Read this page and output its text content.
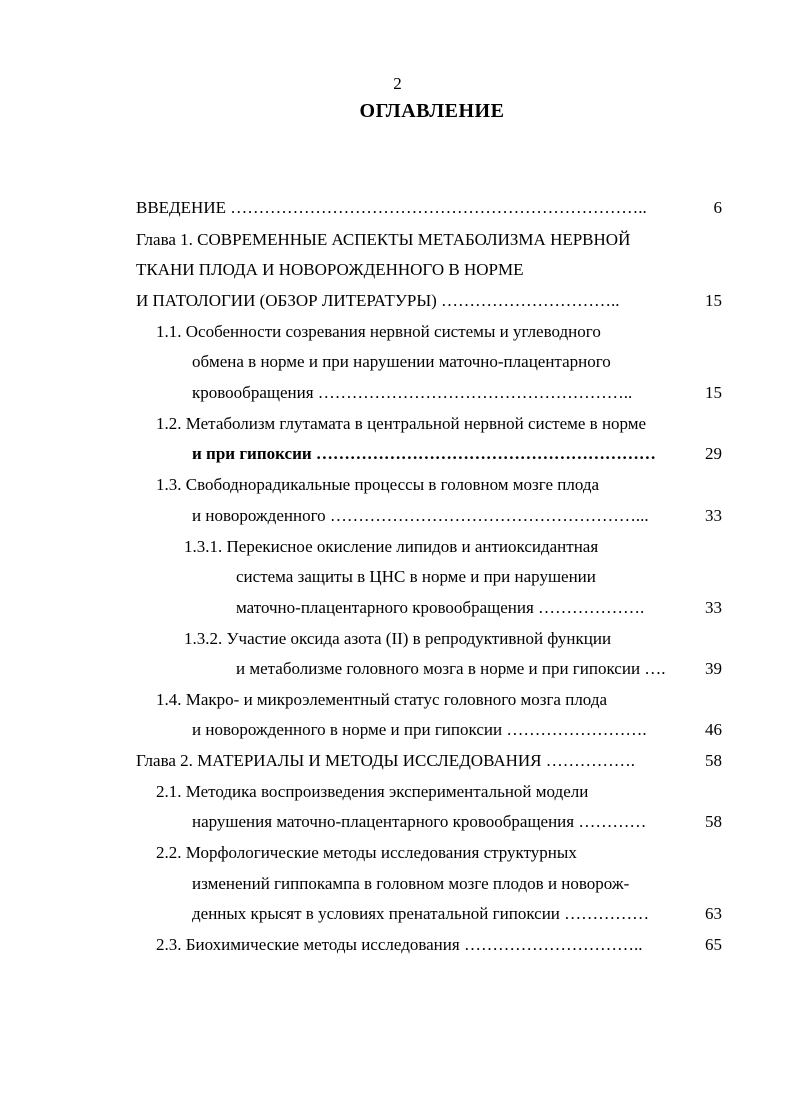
2
ОГЛАВЛЕНИЕ
ВВЕДЕНИЕ ………………………………………………………………..	6
Глава 1. СОВРЕМЕННЫЕ АСПЕКТЫ МЕТАБОЛИЗМА НЕРВНОЙ
ТКАНИ ПЛОДА И НОВОРОЖДЕННОГО В НОРМЕ
И ПАТОЛОГИИ (ОБЗОР ЛИТЕРАТУРЫ) …………………………..	15
1.1. Особенности созревания нервной системы и углеводного
обмена в норме и при нарушении маточно-плацентарного
кровообращения ………………………………………………..	15
1.2. Метаболизм глутамата в центральной нервной системе в норме
и при гипоксии ……………………………………………………	29
1.3. Свободнорадикальные процессы в головном мозге плода
и новорожденного ………………………………………………...	33
1.3.1. Перекисное окисление липидов и антиоксидантная
система защиты в ЦНС в норме и при нарушении
маточно-плацентарного кровообращения ……………….	33
1.3.2. Участие оксида азота (II) в репродуктивной функции
и метаболизме головного мозга в норме и при гипоксии ….	39
1.4. Макро- и микроэлементный статус головного мозга плода
и новорожденного в норме и при гипоксии …………………….	46
Глава 2. МАТЕРИАЛЫ И МЕТОДЫ ИССЛЕДОВАНИЯ …………….	58
2.1. Методика воспроизведения экспериментальной модели
нарушения маточно-плацентарного кровообращения …………	58
2.2. Морфологические методы исследования структурных
изменений гиппокампа в головном мозге плодов и новорож-
денных крысят в условиях пренатальной гипоксии ……………	63
2.3. Биохимические методы исследования …………………………..	65
